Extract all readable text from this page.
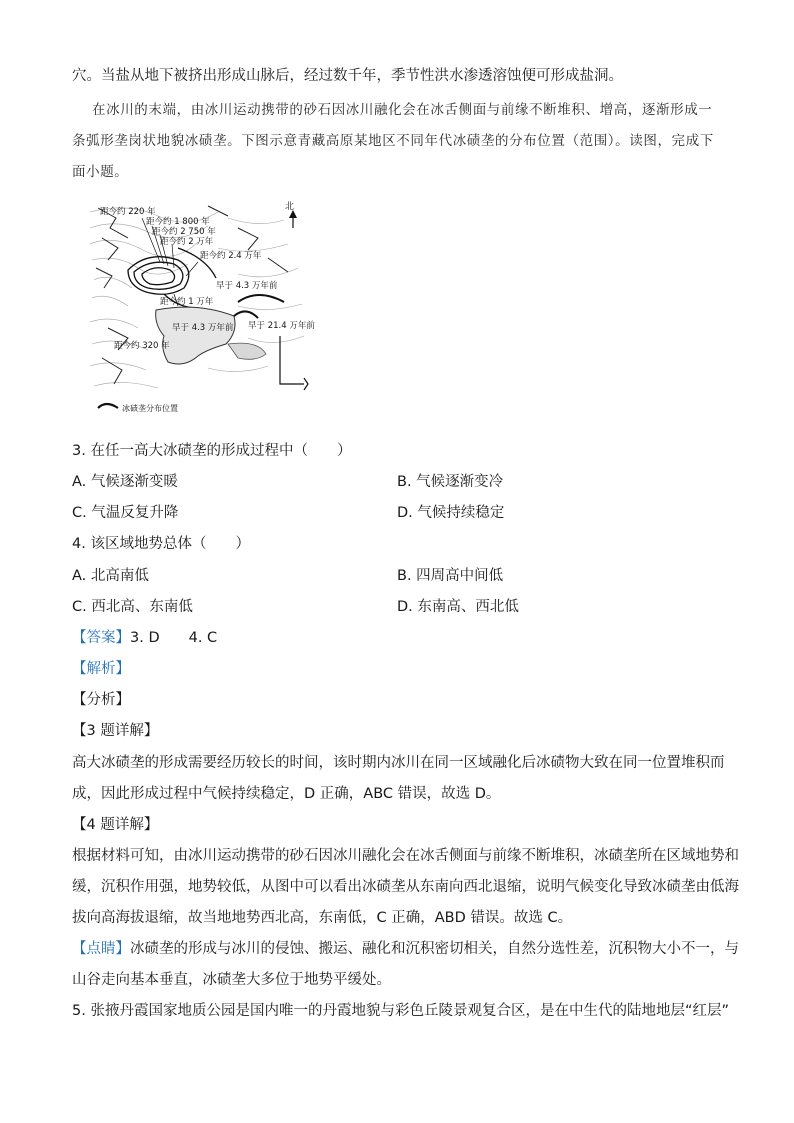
穴。当盐从地下被挤出形成山脉后，经过数千年，季节性洪水渗透溶蚀便可形成盐洞。
在冰川的末端，由冰川运动携带的砂石因冰川融化会在冰舌侧面与前缘不断堆积、增高，逐渐形成一
条弧形垄岗状地貌冰碛垄。下图示意青藏高原某地区不同年代冰碛垄的分布位置（范围）。读图，完成下
面小题。
北
距今约 220 年
距今约 1 800 年
距今约 2 750 年
距今约 2 万年
距今约 2.4 万年
早于 4.3 万年前
距今约 1 万年
早于 4.3 万年前 早于 21.4 万年前
距今约 320 年
冰碛垄分布位置
3. 在任一高大冰碛垄的形成过程中（　　）
A. 气候逐渐变暖	B. 气候逐渐变冷
C. 气温反复升降	D. 气候持续稳定
4. 该区域地势总体（　　）
A. 北高南低	B. 四周高中间低
C. 西北高、东南低	D. 东南高、西北低
【答案】3. D　　4. C
【解析】
【分析】
【3 题详解】
高大冰碛垄的形成需要经历较长的时间，该时期内冰川在同一区域融化后冰碛物大致在同一位置堆积而
成，因此形成过程中气候持续稳定，D 正确，ABC 错误，故选 D。
【4 题详解】
根据材料可知，由冰川运动携带的砂石因冰川融化会在冰舌侧面与前缘不断堆积，冰碛垄所在区域地势和
缓，沉积作用强，地势较低，从图中可以看出冰碛垄从东南向西北退缩，说明气候变化导致冰碛垄由低海
拔向高海拔退缩，故当地地势西北高，东南低，C 正确，ABD 错误。故选 C。
【点睛】冰碛垄的形成与冰川的侵蚀、搬运、融化和沉积密切相关，自然分选性差，沉积物大小不一，与
山谷走向基本垂直，冰碛垄大多位于地势平缓处。
5. 张掖丹霞国家地质公园是国内唯一的丹霞地貌与彩色丘陵景观复合区，是在中生代的陆地地层“红层”
